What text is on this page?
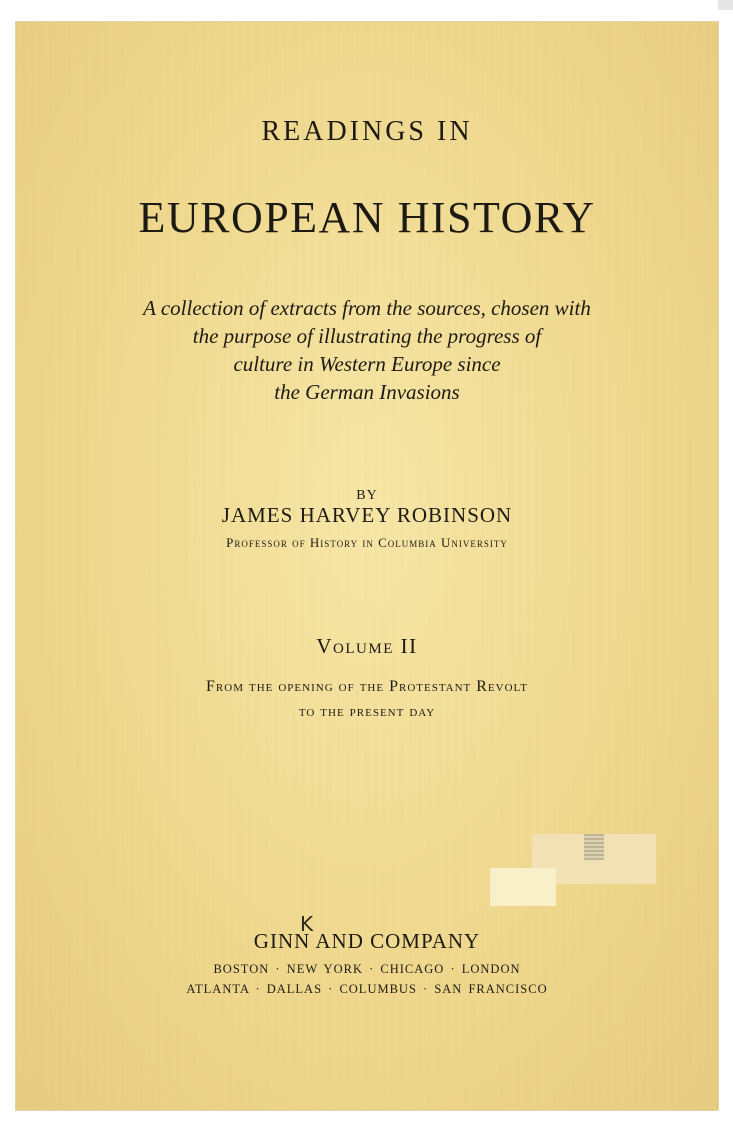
READINGS IN
EUROPEAN HISTORY
A collection of extracts from the sources, chosen with
the purpose of illustrating the progress of
culture in Western Europe since
the German Invasions
BY
JAMES HARVEY ROBINSON
Professor of History in Columbia University
Volume II
From the opening of the Protestant Revolt
to the present day
K
GINN AND COMPANY
BOSTON · NEW YORK · CHICAGO · LONDON
ATLANTA · DALLAS · COLUMBUS · SAN FRANCISCO
